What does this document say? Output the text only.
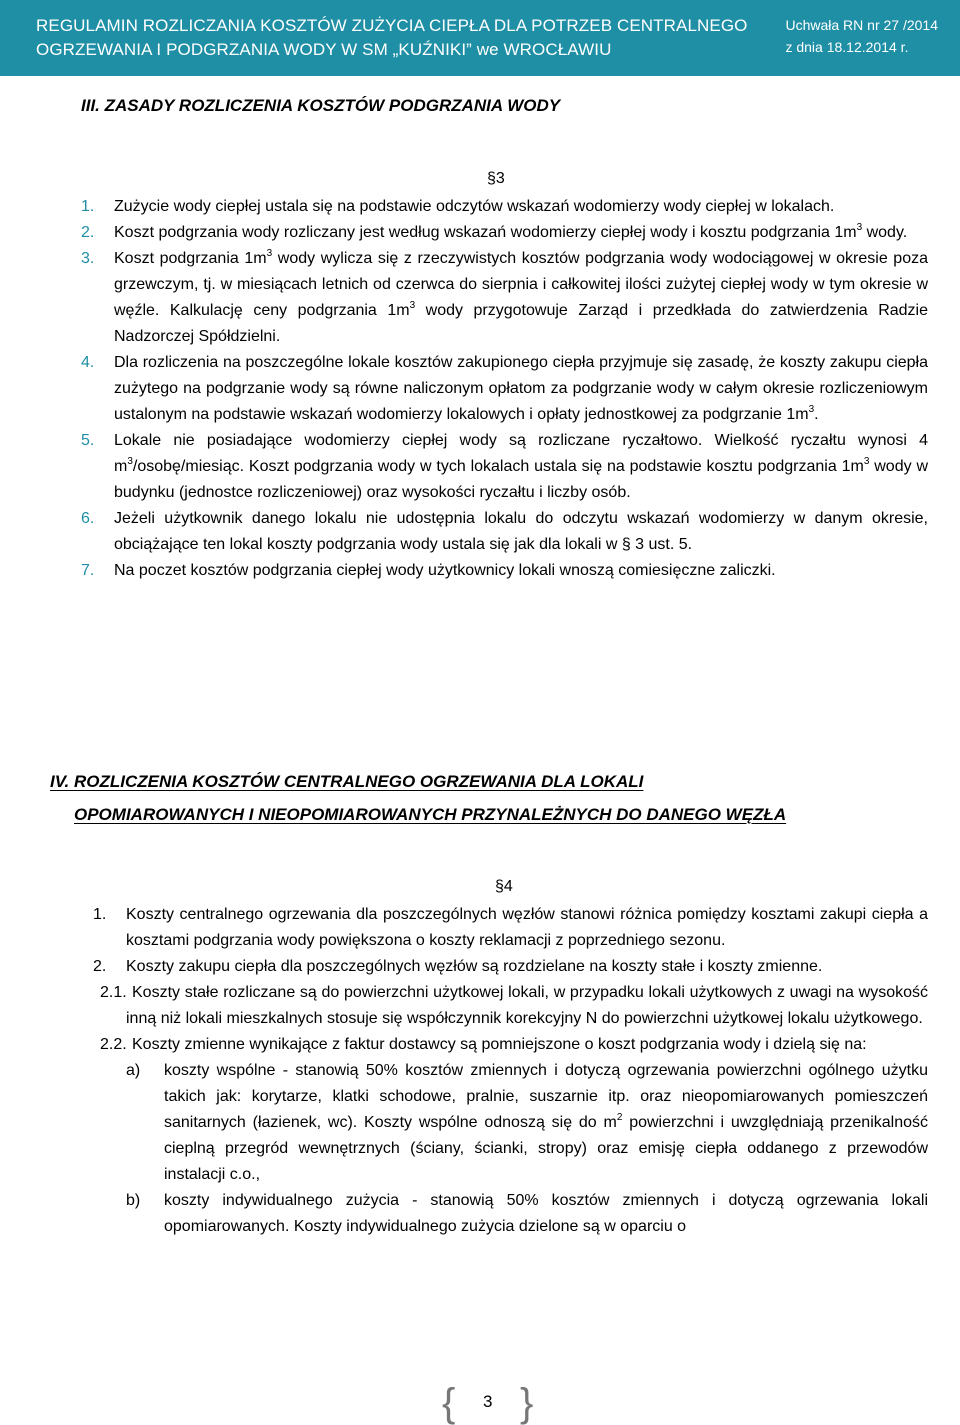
REGULAMIN ROZLICZANIA KOSZTÓW ZUŻYCIA CIEPŁA DLA POTRZEB CENTRALNEGO
OGRZEWANIA I PODGRZANIA WODY W SM „KUŹNIKI” we WROCŁAWIU
Uchwała RN nr 27 /2014
z dnia 18.12.2014 r.
III. ZASADY ROZLICZENIA KOSZTÓW PODGRZANIA WODY
§3
1. Zużycie wody ciepłej ustala się na podstawie odczytów wskazań wodomierzy wody ciepłej w lokalach.
2. Koszt podgrzania wody rozliczany jest według wskazań wodomierzy ciepłej wody i kosztu podgrzania $1m^3$ wody.
3. Koszt podgrzania $1m^3$ wody wylicza się z rzeczywistych kosztów podgrzania wody wodociągowej w okresie poza grzewczym, tj. w miesiącach letnich od czerwca do sierpnia i całkowitej ilości zużytej ciepłej wody w tym okresie w węźle. Kalkulację ceny podgrzania $1m^3$ wody przygotowuje Zarząd i przedkłada do zatwierdzenia Radzie Nadzorczej Spółdzielni.
4. Dla rozliczenia na poszczególne lokale kosztów zakupionego ciepła przyjmuje się zasadę, że koszty zakupu ciepła zużytego na podgrzanie wody są równe naliczonym opłatom za podgrzanie wody w całym okresie rozliczeniowym ustalonym na podstawie wskazań wodomierzy lokalowych i opłaty jednostkowej za podgrzanie $1m^3$.
5. Lokale nie posiadające wodomierzy ciepłej wody są rozliczane ryczałtowo. Wielkość ryczałtu wynosi 4 $m^3/osobę$/miesiąc. Koszt podgrzania wody w tych lokalach ustala się na podstawie kosztu podgrzania $1m^3$ wody w budynku (jednostce rozliczeniowej) oraz wysokości ryczałtu i liczby osób.
6. Jeżeli użytkownik danego lokalu nie udostępnia lokalu do odczytu wskazań wodomierzy w danym okresie, obciążające ten lokal koszty podgrzania wody ustala się jak dla lokali w § 3 ust. 5.
7. Na poczet kosztów podgrzania ciepłej wody użytkownicy lokali wnoszą comiesięczne zaliczki.
IV. ROZLICZENIA KOSZTÓW CENTRALNEGO OGRZEWANIA DLA LOKALI
OPOMIAROWANYCH I NIEOPOMIAROWANYCH PRZYNALEŻNYCH DO DANEGO WĘZŁA
§4
1. Koszty centralnego ogrzewania dla poszczególnych węzłów stanowi różnica pomiędzy kosztami zakupi ciepła a kosztami podgrzania wody powiększona o koszty reklamacji z poprzedniego sezonu.
2. Koszty zakupu ciepła dla poszczególnych węzłów są rozdzielane na koszty stałe i koszty zmienne.
2.1. Koszty stałe rozliczane są do powierzchni użytkowej lokali, w przypadku lokali użytkowych z uwagi na wysokość inną niż lokali mieszkalnych stosuje się współczynnik korekcyjny N do powierzchni użytkowej lokalu użytkowego.
2.2. Koszty zmienne wynikające z faktur dostawcy są pomniejszone o koszt podgrzania wody i dzielą się na:
a) koszty wspólne - stanowią 50% kosztów zmiennych i dotyczą ogrzewania powierzchni ogólnego użytku takich jak: korytarze, klatki schodowe, pralnie, suszarnie itp. oraz nieopomiarowanych pomieszczeń sanitarnych (łazienek, wc). Koszty wspólne odnoszą się do $m^2$ powierzchni i uwzględniają przenikalność cieplną przegród wewnętrznych (ściany, ścianki, stropy) oraz emisję ciepła oddanego z przewodów instalacji c.o.,
b) koszty indywidualnego zużycia - stanowią 50% kosztów zmiennych i dotyczą ogrzewania lokali opomiarowanych. Koszty indywidualnego zużycia dzielone są w oparciu o
{ 3 }
